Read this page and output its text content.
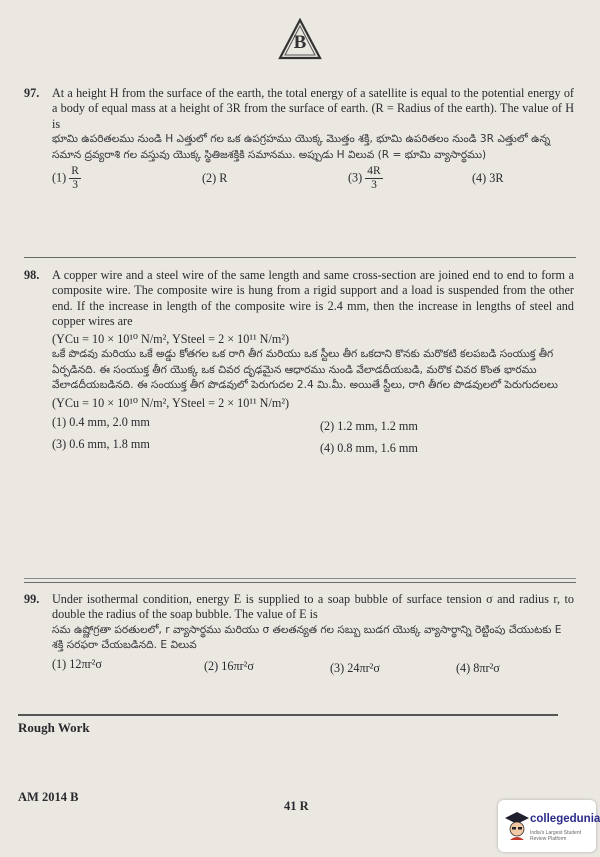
B
97. At a height H from the surface of the earth, the total energy of a satellite is equal to the potential energy of a body of equal mass at a height of 3R from the surface of earth. (R = Radius of the earth). The value of H is
భూమి ఉపరితలము నుండి H ఎత్తులో గల ఒక ఉపగ్రహము యొక్క మొత్తం శక్తి, భూమి ఉపరితలం నుండి 3R ఎత్తులో ఉన్న సమాన ద్రవ్యరాశి గల వస్తువు యొక్క స్థితిజశక్తికి సమానము. అప్పుడు H విలువ (R = భూమి వ్యాసార్థము)
$(1) \frac{R}{3}$	(2) R	$(3) \frac{4R}{3}$	(4) 3R
98. A copper wire and a steel wire of the same length and same cross-section are joined end to end to form a composite wire. The composite wire is hung from a rigid support and a load is suspended from the other end. If the increase in length of the composite wire is 2.4 mm, then the increase in lengths of steel and copper wires are
(YCu = 10 × 10¹⁰ N/m², YSteel = 2 × 10¹¹ N/m²)
ఒకే పొడవు మరియు ఒకే అడ్డు కోతగల ఒక రాగి తీగ మరియు ఒక స్టీలు తీగ ఒకదాని కొనకు మరొకటి కలపబడి సంయుక్త తీగ ఏర్పడినది. ఈ సంయుక్త తీగ యొక్క ఒక చివర దృఢమైన ఆధారము నుండి వేలాడదీయబడి, మరొక చివర కొంత భారము వేలాడదీయబడినది. ఈ సంయుక్త తీగ పొడవులో పెరుగుదల 2.4 మి.మీ. అయితే స్టీలు, రాగి తీగల పొడవులలో పెరుగుదలలు
(YCu = 10 × 10¹⁰ N/m², YSteel = 2 × 10¹¹ N/m²)
(1) 0.4 mm, 2.0 mm	(2) 1.2 mm, 1.2 mm
(3) 0.6 mm, 1.8 mm	(4) 0.8 mm, 1.6 mm
99. Under isothermal condition, energy E is supplied to a soap bubble of surface tension σ and radius r, to double the radius of the soap bubble. The value of E is
సమ ఉష్ణోగ్రతా పరతులలో, r వ్యాసార్థము మరియు σ తలతన్యత గల సబ్బు బుడగ యొక్క వ్యాసార్థాన్ని రెట్టింపు చేయుటకు E శక్తి సరఫరా చేయబడినది. E విలువ
(1) 12πr²σ	(2) 16πr²σ	(3) 24πr²σ	(4) 8πr²σ
Rough Work
AM 2014 B
41 R
collegedunia
India's Largest Student Review Platform
